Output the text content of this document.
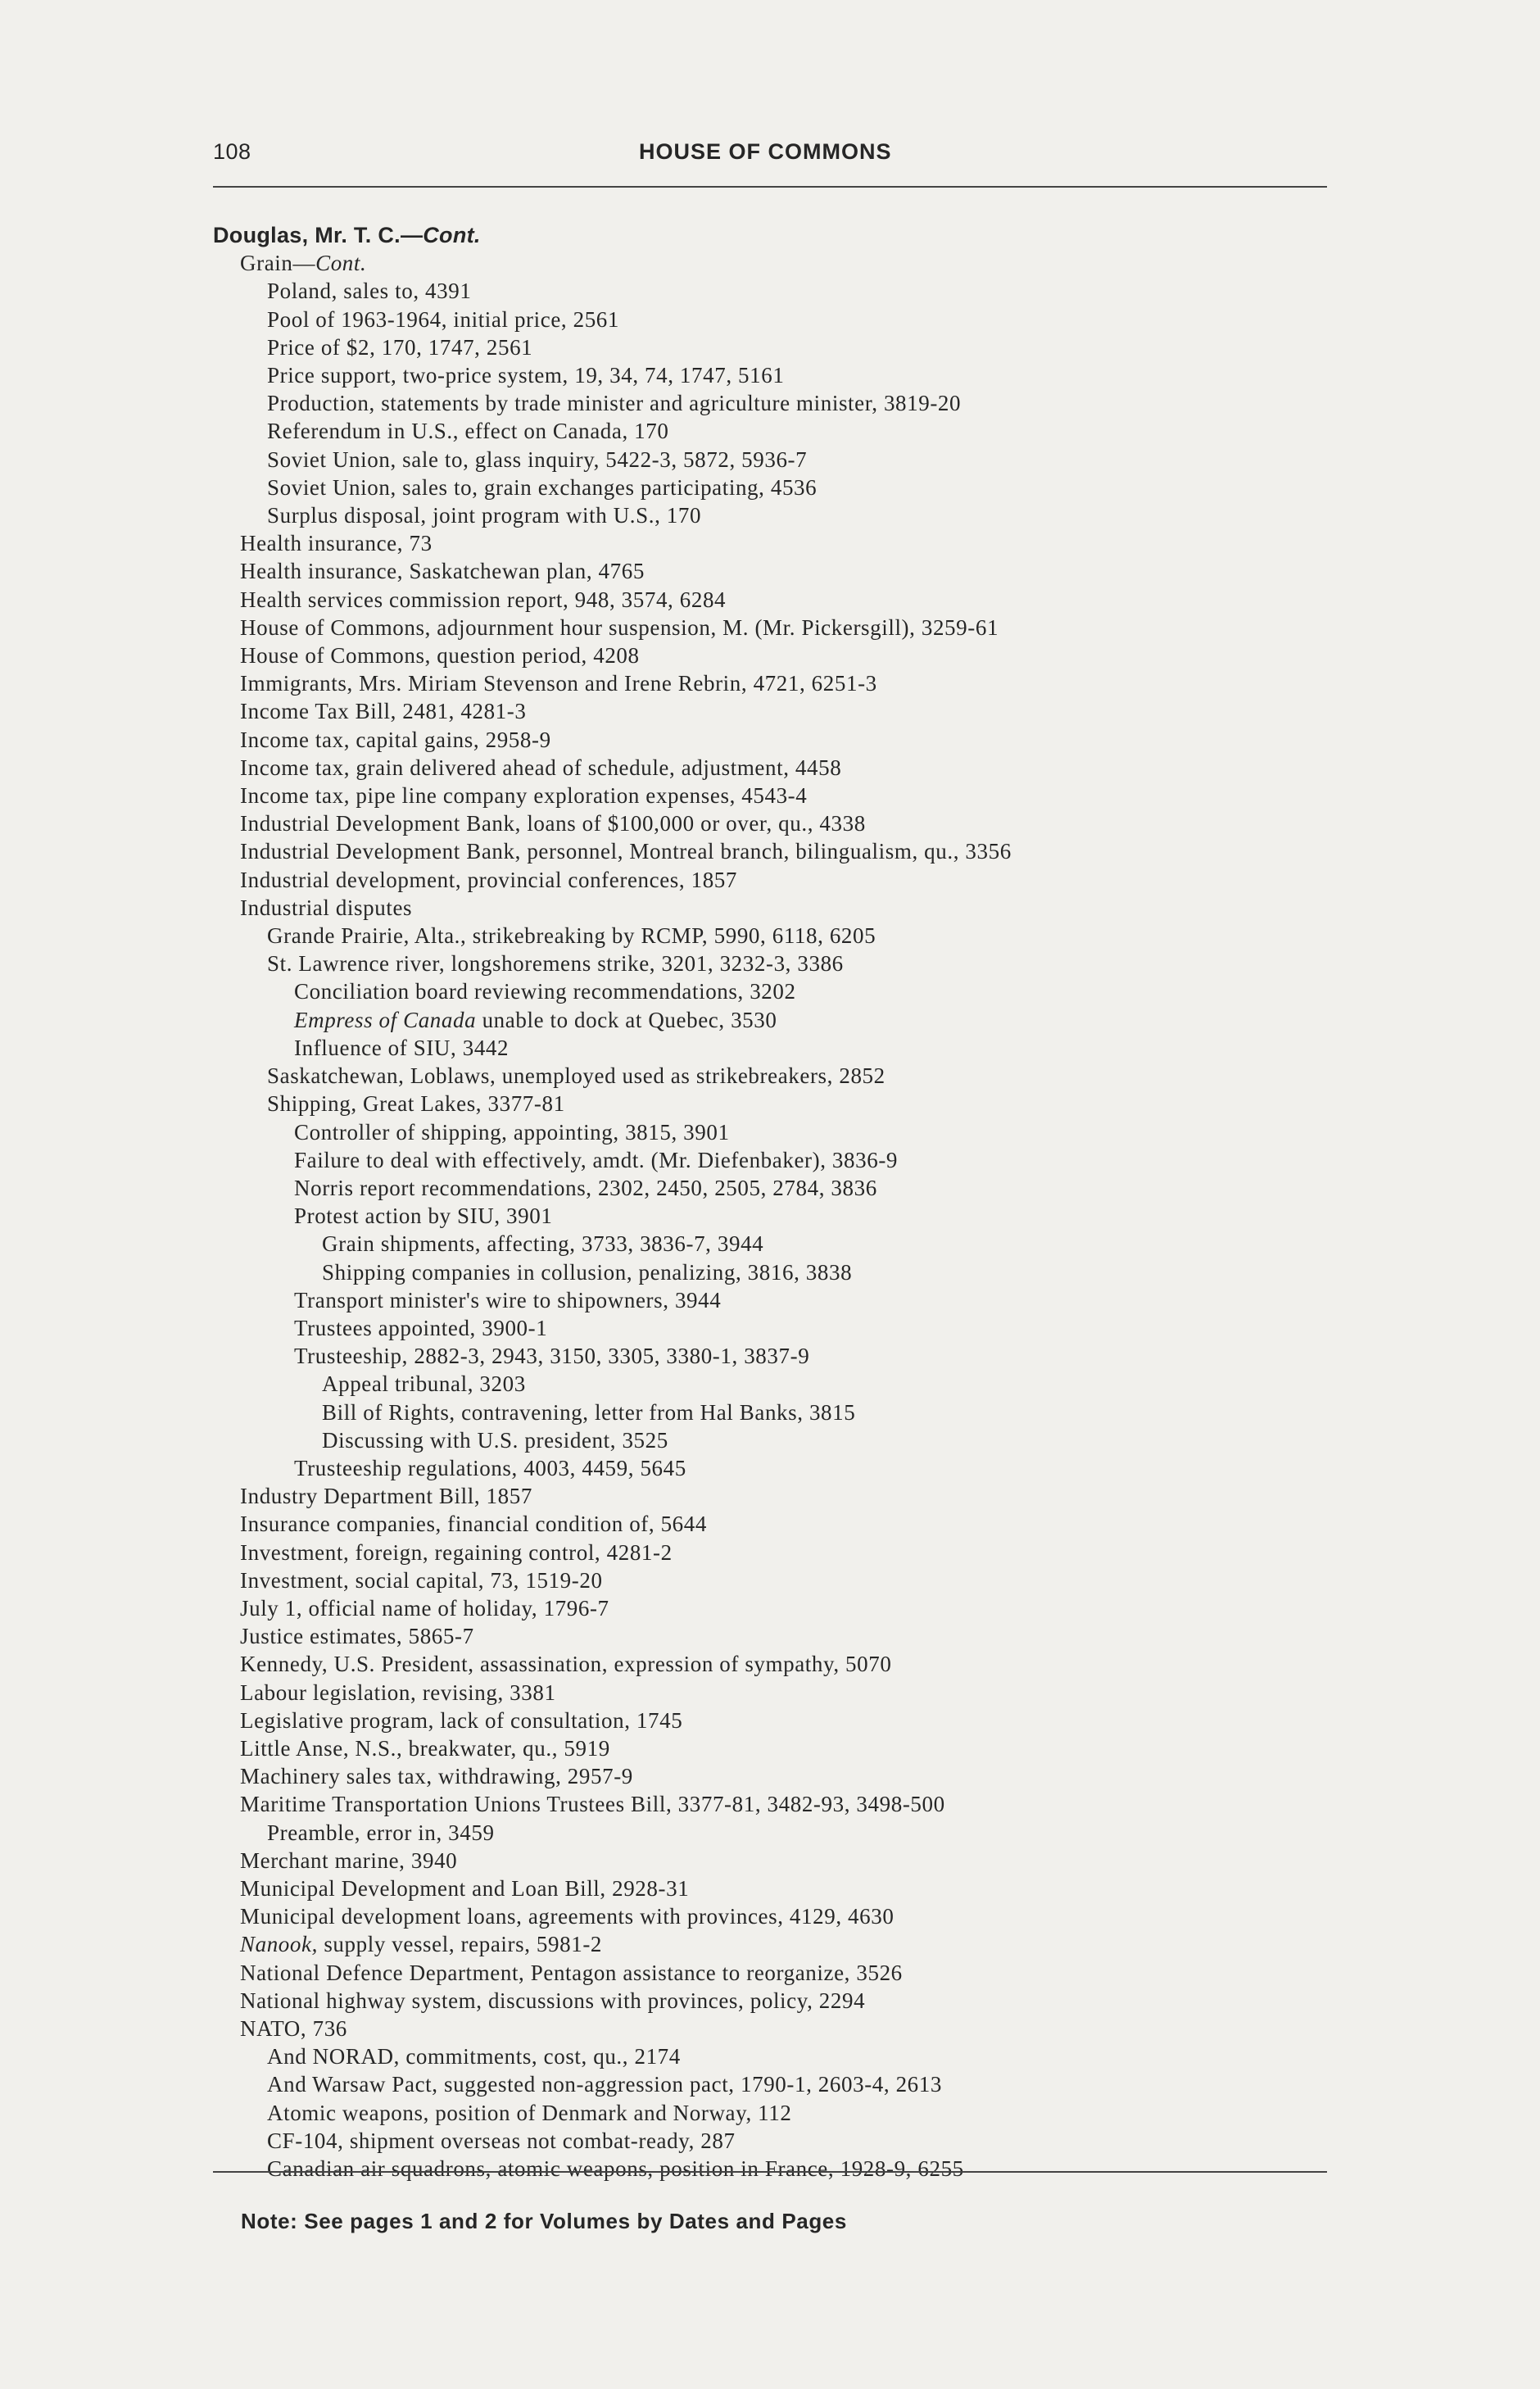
108	HOUSE OF COMMONS
Douglas, Mr. T. C.—Cont.
Grain—Cont.
Poland, sales to, 4391
Pool of 1963-1964, initial price, 2561
Price of $2, 170, 1747, 2561
Price support, two-price system, 19, 34, 74, 1747, 5161
Production, statements by trade minister and agriculture minister, 3819-20
Referendum in U.S., effect on Canada, 170
Soviet Union, sale to, glass inquiry, 5422-3, 5872, 5936-7
Soviet Union, sales to, grain exchanges participating, 4536
Surplus disposal, joint program with U.S., 170
Health insurance, 73
Health insurance, Saskatchewan plan, 4765
Health services commission report, 948, 3574, 6284
House of Commons, adjournment hour suspension, M. (Mr. Pickersgill), 3259-61
House of Commons, question period, 4208
Immigrants, Mrs. Miriam Stevenson and Irene Rebrin, 4721, 6251-3
Income Tax Bill, 2481, 4281-3
Income tax, capital gains, 2958-9
Income tax, grain delivered ahead of schedule, adjustment, 4458
Income tax, pipe line company exploration expenses, 4543-4
Industrial Development Bank, loans of $100,000 or over, qu., 4338
Industrial Development Bank, personnel, Montreal branch, bilingualism, qu., 3356
Industrial development, provincial conferences, 1857
Industrial disputes
Grande Prairie, Alta., strikebreaking by RCMP, 5990, 6118, 6205
St. Lawrence river, longshoremens strike, 3201, 3232-3, 3386
Conciliation board reviewing recommendations, 3202
Empress of Canada unable to dock at Quebec, 3530
Influence of SIU, 3442
Saskatchewan, Loblaws, unemployed used as strikebreakers, 2852
Shipping, Great Lakes, 3377-81
Controller of shipping, appointing, 3815, 3901
Failure to deal with effectively, amdt. (Mr. Diefenbaker), 3836-9
Norris report recommendations, 2302, 2450, 2505, 2784, 3836
Protest action by SIU, 3901
Grain shipments, affecting, 3733, 3836-7, 3944
Shipping companies in collusion, penalizing, 3816, 3838
Transport minister's wire to shipowners, 3944
Trustees appointed, 3900-1
Trusteeship, 2882-3, 2943, 3150, 3305, 3380-1, 3837-9
Appeal tribunal, 3203
Bill of Rights, contravening, letter from Hal Banks, 3815
Discussing with U.S. president, 3525
Trusteeship regulations, 4003, 4459, 5645
Industry Department Bill, 1857
Insurance companies, financial condition of, 5644
Investment, foreign, regaining control, 4281-2
Investment, social capital, 73, 1519-20
July 1, official name of holiday, 1796-7
Justice estimates, 5865-7
Kennedy, U.S. President, assassination, expression of sympathy, 5070
Labour legislation, revising, 3381
Legislative program, lack of consultation, 1745
Little Anse, N.S., breakwater, qu., 5919
Machinery sales tax, withdrawing, 2957-9
Maritime Transportation Unions Trustees Bill, 3377-81, 3482-93, 3498-500
Preamble, error in, 3459
Merchant marine, 3940
Municipal Development and Loan Bill, 2928-31
Municipal development loans, agreements with provinces, 4129, 4630
Nanook, supply vessel, repairs, 5981-2
National Defence Department, Pentagon assistance to reorganize, 3526
National highway system, discussions with provinces, policy, 2294
NATO, 736
And NORAD, commitments, cost, qu., 2174
And Warsaw Pact, suggested non-aggression pact, 1790-1, 2603-4, 2613
Atomic weapons, position of Denmark and Norway, 112
CF-104, shipment overseas not combat-ready, 287
Canadian air squadrons, atomic weapons, position in France, 1928-9, 6255
Note: See pages 1 and 2 for Volumes by Dates and Pages
